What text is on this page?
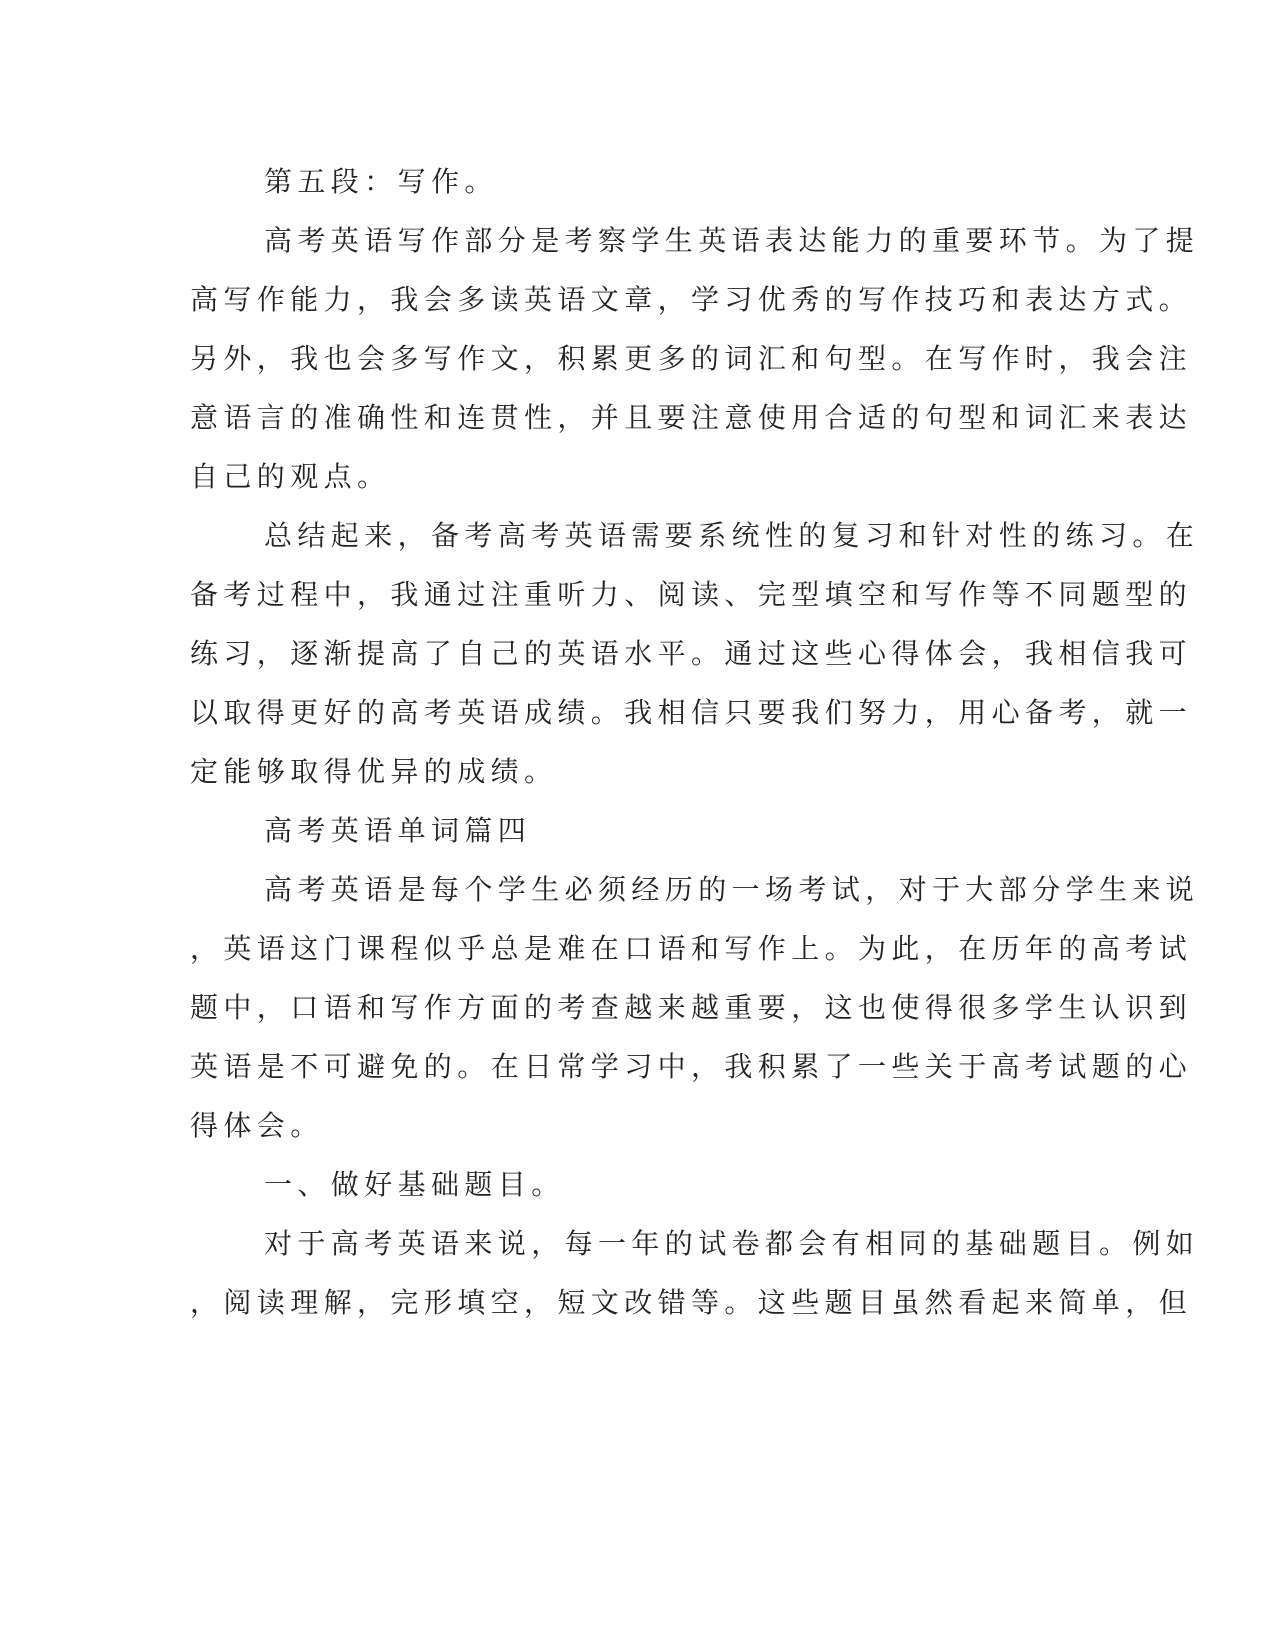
第五段：写作。
高考英语写作部分是考察学生英语表达能力的重要环节。为了提
高写作能力，我会多读英语文章，学习优秀的写作技巧和表达方式。
另外，我也会多写作文，积累更多的词汇和句型。在写作时，我会注
意语言的准确性和连贯性，并且要注意使用合适的句型和词汇来表达
自己的观点。
总结起来，备考高考英语需要系统性的复习和针对性的练习。在
备考过程中，我通过注重听力、阅读、完型填空和写作等不同题型的
练习，逐渐提高了自己的英语水平。通过这些心得体会，我相信我可
以取得更好的高考英语成绩。我相信只要我们努力，用心备考，就一
定能够取得优异的成绩。
高考英语单词篇四
高考英语是每个学生必须经历的一场考试，对于大部分学生来说
，英语这门课程似乎总是难在口语和写作上。为此，在历年的高考试
题中，口语和写作方面的考查越来越重要，这也使得很多学生认识到
英语是不可避免的。在日常学习中，我积累了一些关于高考试题的心
得体会。
一、做好基础题目。
对于高考英语来说，每一年的试卷都会有相同的基础题目。例如
，阅读理解，完形填空，短文改错等。这些题目虽然看起来简单，但
